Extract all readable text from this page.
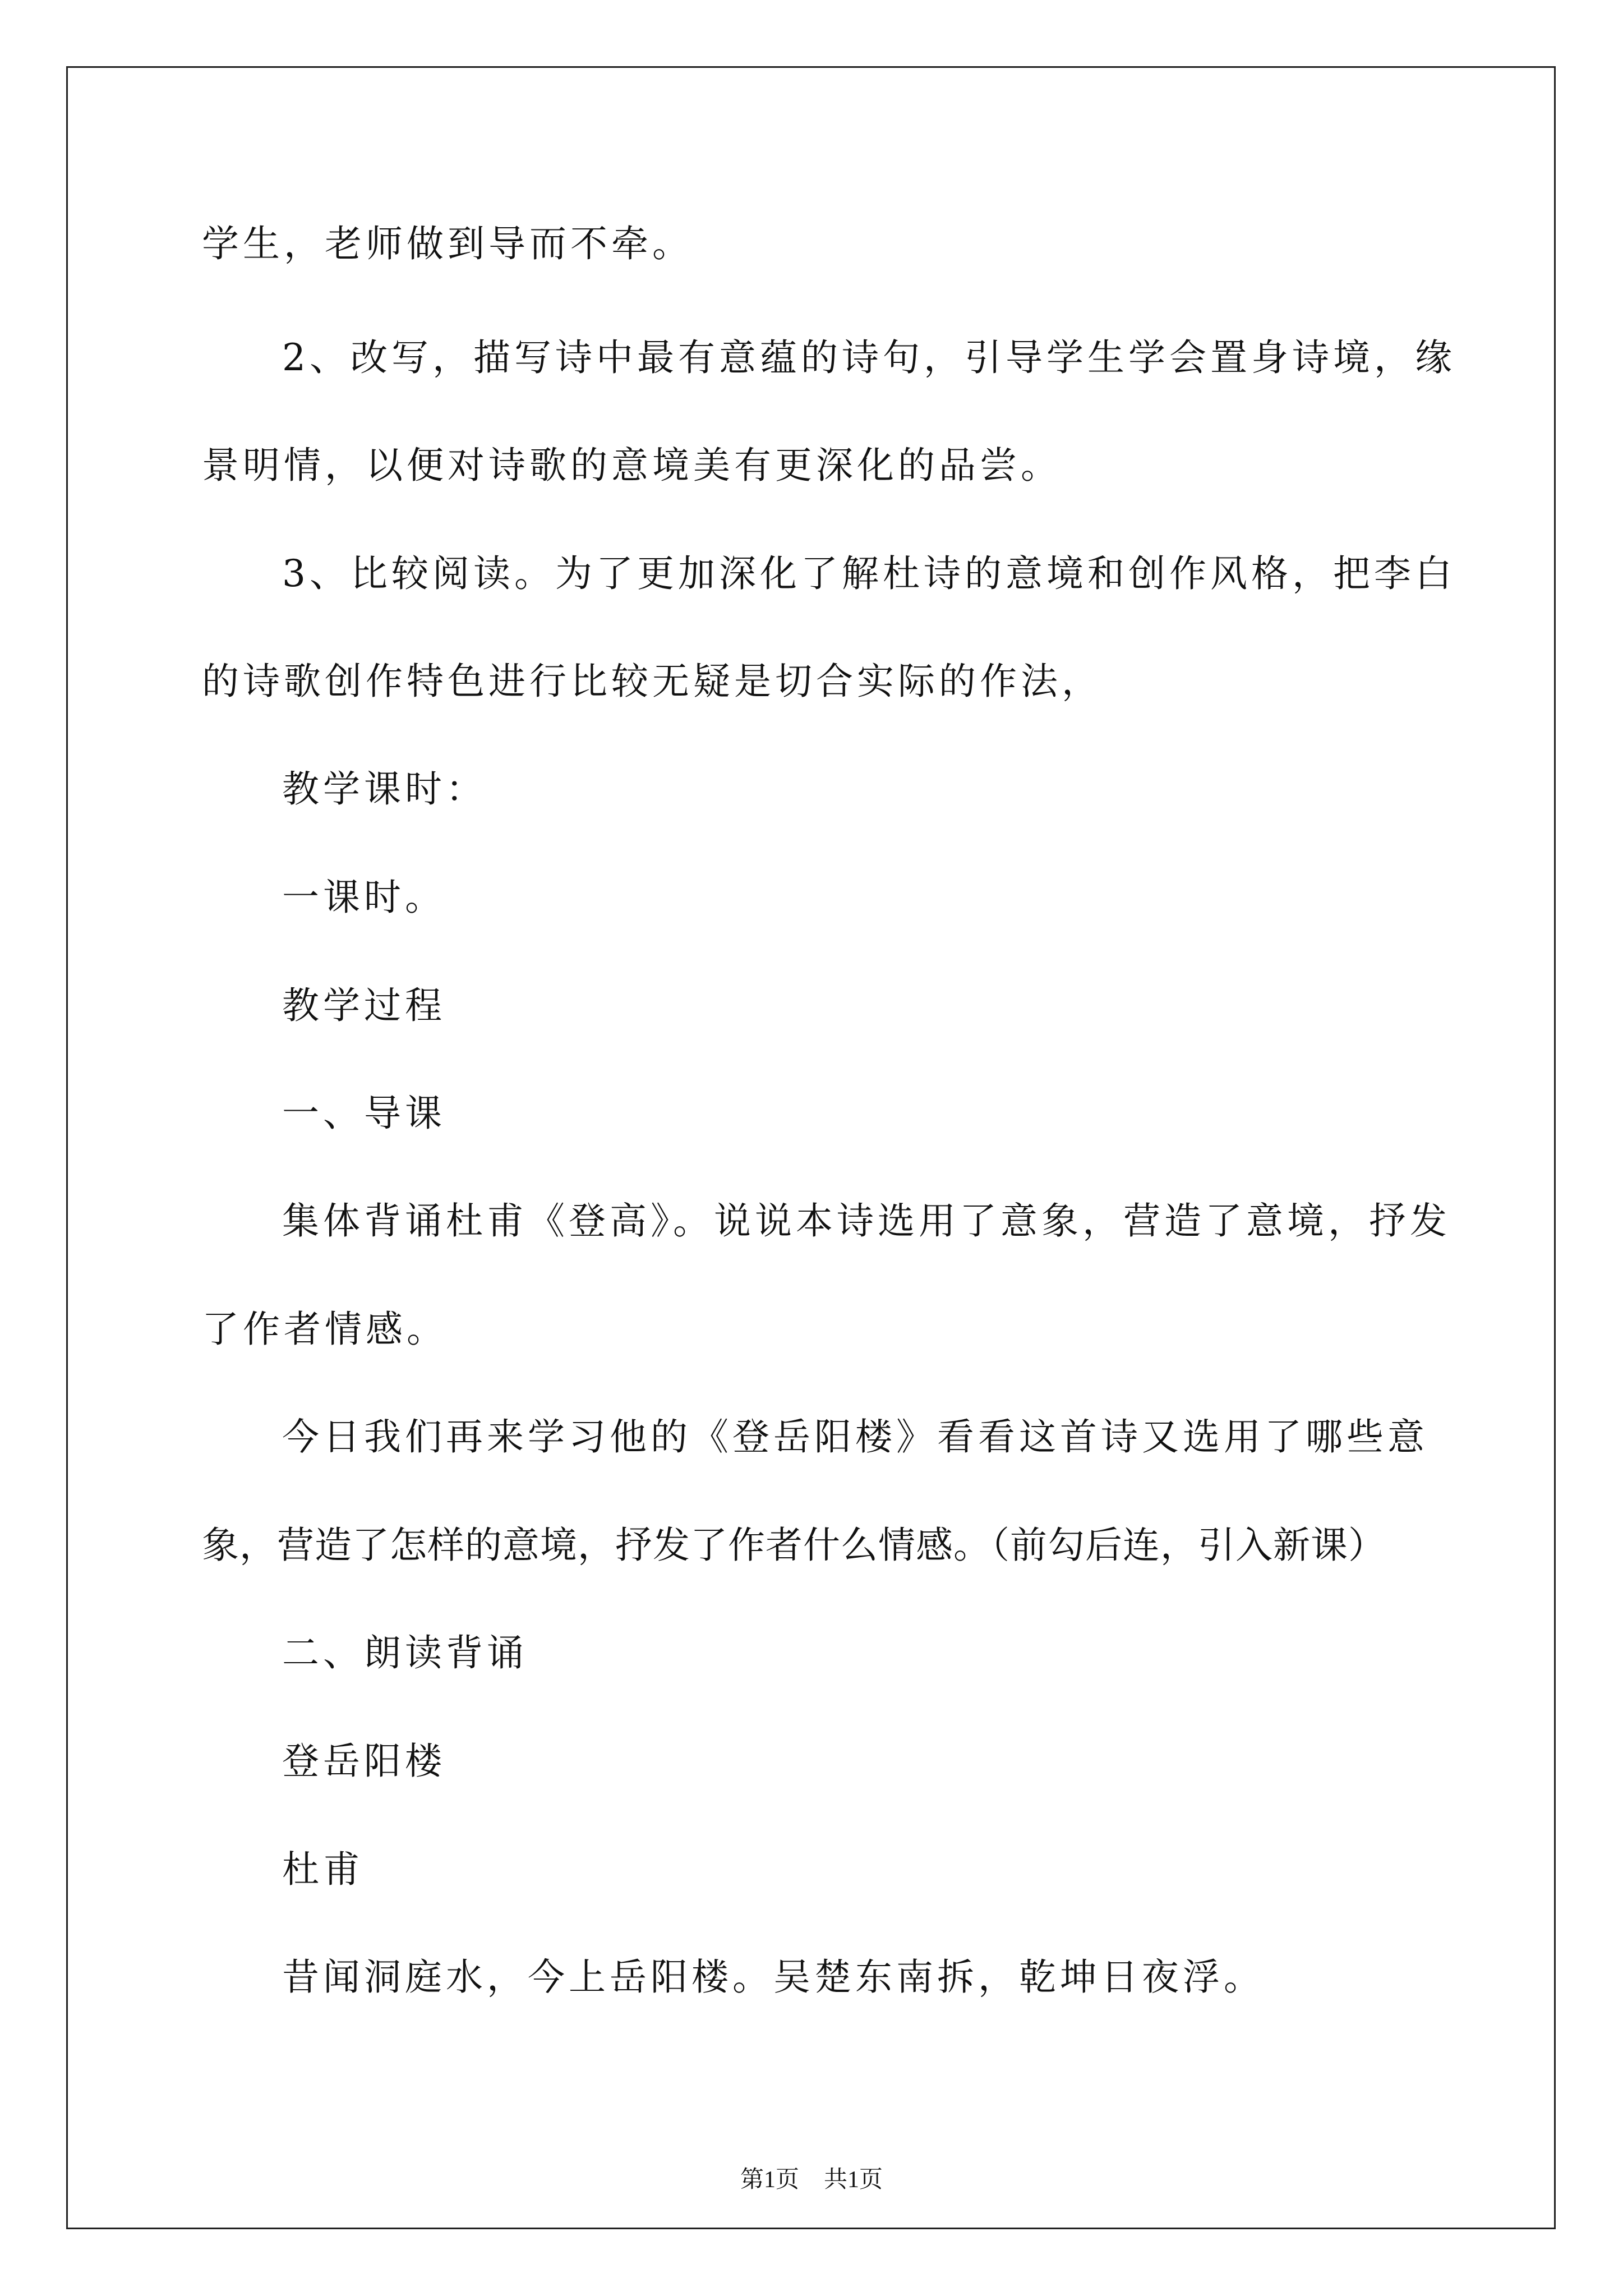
学生，老师做到导而不牵。
2、改写，描写诗中最有意蕴的诗句，引导学生学会置身诗境，缘
景明情，以便对诗歌的意境美有更深化的品尝。
3、比较阅读。为了更加深化了解杜诗的意境和创作风格，把李白
的诗歌创作特色进行比较无疑是切合实际的作法，
教学课时：
一课时。
教学过程
一、导课
集体背诵杜甫《登高》。说说本诗选用了意象，营造了意境，抒发
了作者情感。
今日我们再来学习他的《登岳阳楼》看看这首诗又选用了哪些意
象，营造了怎样的意境，抒发了作者什么情感。（前勾后连，引入新课）
二、朗读背诵
登岳阳楼
杜甫
昔闻洞庭水，今上岳阳楼。吴楚东南拆，乾坤日夜浮。
第1页 共1页
